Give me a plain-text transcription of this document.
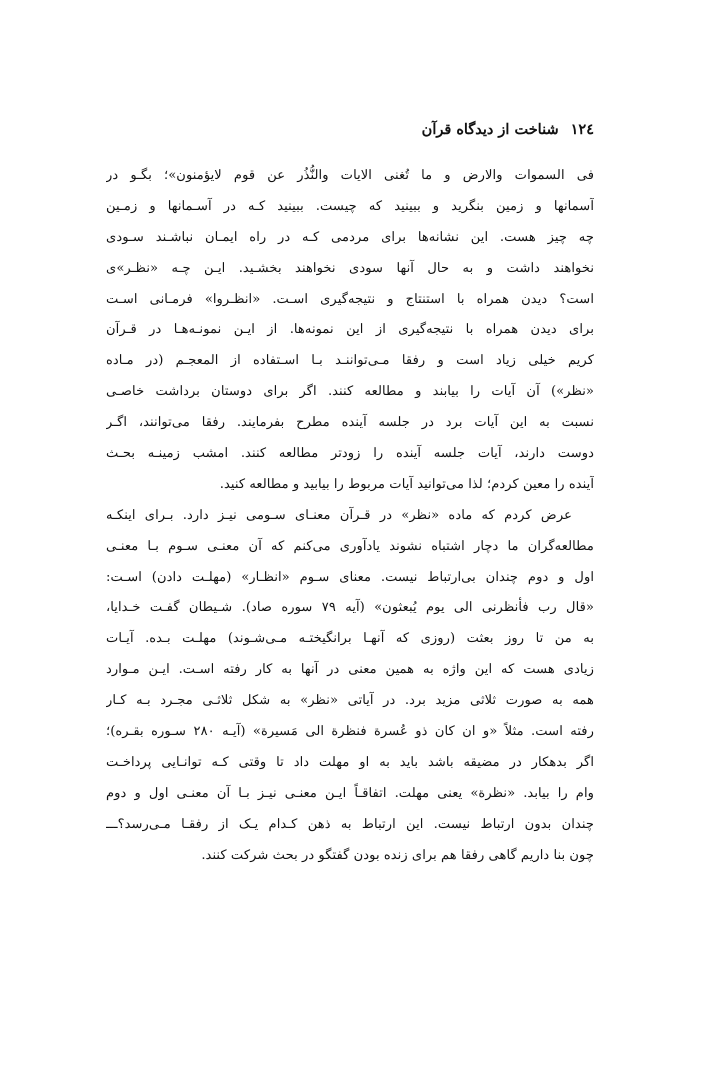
١٢٤شناخت از دیدگاه قرآن
فی السموات والارض و ما تُغنی الایات والنُّذُر عن قوم لایؤمنون»؛ بگـو در
آسمانها و زمین بنگرید و ببینید که چیست. ببینید کـه در آسـمانها و زمـین
چه چیز هست. این نشانه‌ها برای مردمی کـه در راه ایمـان نباشـند سـودی
نخواهند داشت و به حال آنها سودی نخواهند بخشـید. ایـن چـه «نظـر»ی
است؟ دیدن همراه با استنتاج و نتیجه‌گیری اسـت. «انظـروا» فرمـانی اسـت
برای دیدن همراه با نتیجه‌گیری از این نمونه‌ها. از ایـن نمونـه‌هـا در قـرآن
کریم خیلی زیاد است و رفقا مـی‌تواننـد بـا اسـتفاده از المعجـم (در مـاده
«نظر») آن آیات را بیابند و مطالعه کنند. اگر برای دوستان برداشت خاصـی
نسبت به این آیات برد در جلسه آینده مطرح بفرمایند. رفقا می‌توانند، اگـر
دوست دارند، آیات جلسه آینده را زودتر مطالعه کنند. امشب زمینـه بحـث
آینده را معین کردم؛ لذا می‌توانید آیات مربوط را بیابید و مطالعه کنید.
عرض کردم که ماده «نظر» در قـرآن معنـای سـومی نیـز دارد. بـرای اینکـه
مطالعه‌گران ما دچار اشتباه نشوند یادآوری می‌کنم که آن معنـی سـوم بـا معنـی
اول و دوم چندان بی‌ارتباط نیست. معنای سـوم «انظـار» (مهلـت دادن) اسـت:
«قال رب فأنظرنی الی یوم یُبعثون» (آیه ٧٩ سوره صاد). شـیطان گفـت خـدایا،
به من تا روز بعثت (روزی که آنهـا برانگیختـه مـی‌شـوند) مهلـت بـده. آیـات
زیادی هست که این واژه به همین معنی در آنها به کار رفته اسـت. ایـن مـوارد
همه به صورت ثلاثی مزید برد. در آیاتی «نظر» به شکل ثلاثـی مجـرد بـه کـار
رفته است. مثلاً «و ان کان ذو عُسرة فنظرة الی مَسیرة» (آیـه ٢٨٠ سـوره بقـره)؛
اگر بدهکار در مضیقه باشد باید به او مهلت داد تا وقتی کـه توانـایی پرداخـت
وام را بیابد. «نظرة» یعنی مهلت. اتفاقـاً ایـن معنـی نیـز بـا آن معنـی اول و دوم
چندان بدون ارتباط نیست. این ارتباط به ذهن کـدام یـک از رفقـا مـی‌رسد؟ـــ
چون بنا داریم گاهی رفقا هم برای زنده بودن گفتگو در بحث شرکت کنند.
